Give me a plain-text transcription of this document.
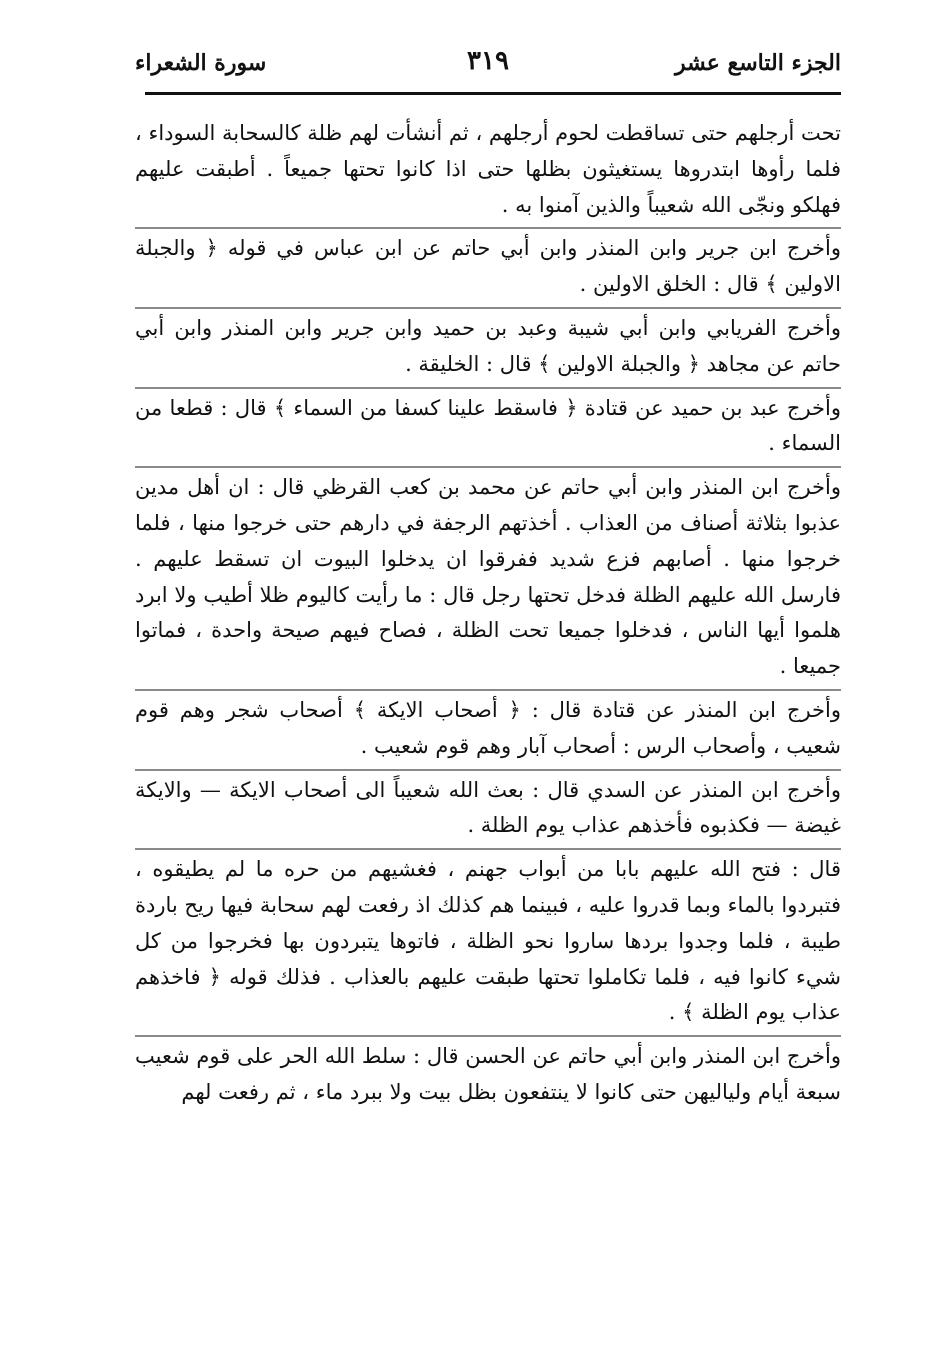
الجزء التاسع عشر
٣١٩
سورة الشعراء

تحت أرجلهم حتى تساقطت لحوم أرجلهم ، ثم أنشأت لهم ظلة كالسحابة السوداء ، فلما رأوها ابتدروها يستغيثون بظلها حتى اذا كانوا تحتها جميعاً . أطبقت عليهم فهلكو ونجّى الله شعيباً والذين آمنوا به .

وأخرج ابن جرير وابن المنذر وابن أبي حاتم عن ابن عباس في قوله ﴿ والجبلة الاولين ﴾ قال : الخلق الاولين .

وأخرج الفريابي وابن أبي شيبة وعبد بن حميد وابن جرير وابن المنذر وابن أبي حاتم عن مجاهد ﴿ والجبلة الاولين ﴾ قال : الخليقة .

وأخرج عبد بن حميد عن قتادة ﴿ فاسقط علينا كسفا من السماء ﴾ قال : قطعا من السماء .

وأخرج ابن المنذر وابن أبي حاتم عن محمد بن كعب القرظي قال : ان أهل مدين عذبوا بثلاثة أصناف من العذاب . أخذتهم الرجفة في دارهم حتى خرجوا منها ، فلما خرجوا منها . أصابهم فزع شديد ففرقوا ان يدخلوا البيوت ان تسقط عليهم . فارسل الله عليهم الظلة فدخل تحتها رجل قال : ما رأيت كاليوم ظلا أطيب ولا ابرد هلموا أيها الناس ، فدخلوا جميعا تحت الظلة ، فصاح فيهم صيحة واحدة ، فماتوا جميعا .

وأخرج ابن المنذر عن قتادة قال : ﴿ أصحاب الايكة ﴾ أصحاب شجر وهم قوم شعيب ، وأصحاب الرس : أصحاب آبار وهم قوم شعيب .

وأخرج ابن المنذر عن السدي قال : بعث الله شعيباً الى أصحاب الايكة — والايكة غيضة — فكذبوه فأخذهم عذاب يوم الظلة .

قال : فتح الله عليهم بابا من أبواب جهنم ، فغشيهم من حره ما لم يطيقوه ، فتبردوا بالماء وبما قدروا عليه ، فبينما هم كذلك اذ رفعت لهم سحابة فيها ريح باردة طيبة ، فلما وجدوا بردها ساروا نحو الظلة ، فاتوها يتبردون بها فخرجوا من كل شيء كانوا فيه ، فلما تكاملوا تحتها طبقت عليهم بالعذاب . فذلك قوله ﴿ فاخذهم عذاب يوم الظلة ﴾ .

وأخرج ابن المنذر وابن أبي حاتم عن الحسن قال : سلط الله الحر على قوم شعيب سبعة أيام ولياليهن حتى كانوا لا ينتفعون بظل بيت ولا ببرد ماء ، ثم رفعت لهم
